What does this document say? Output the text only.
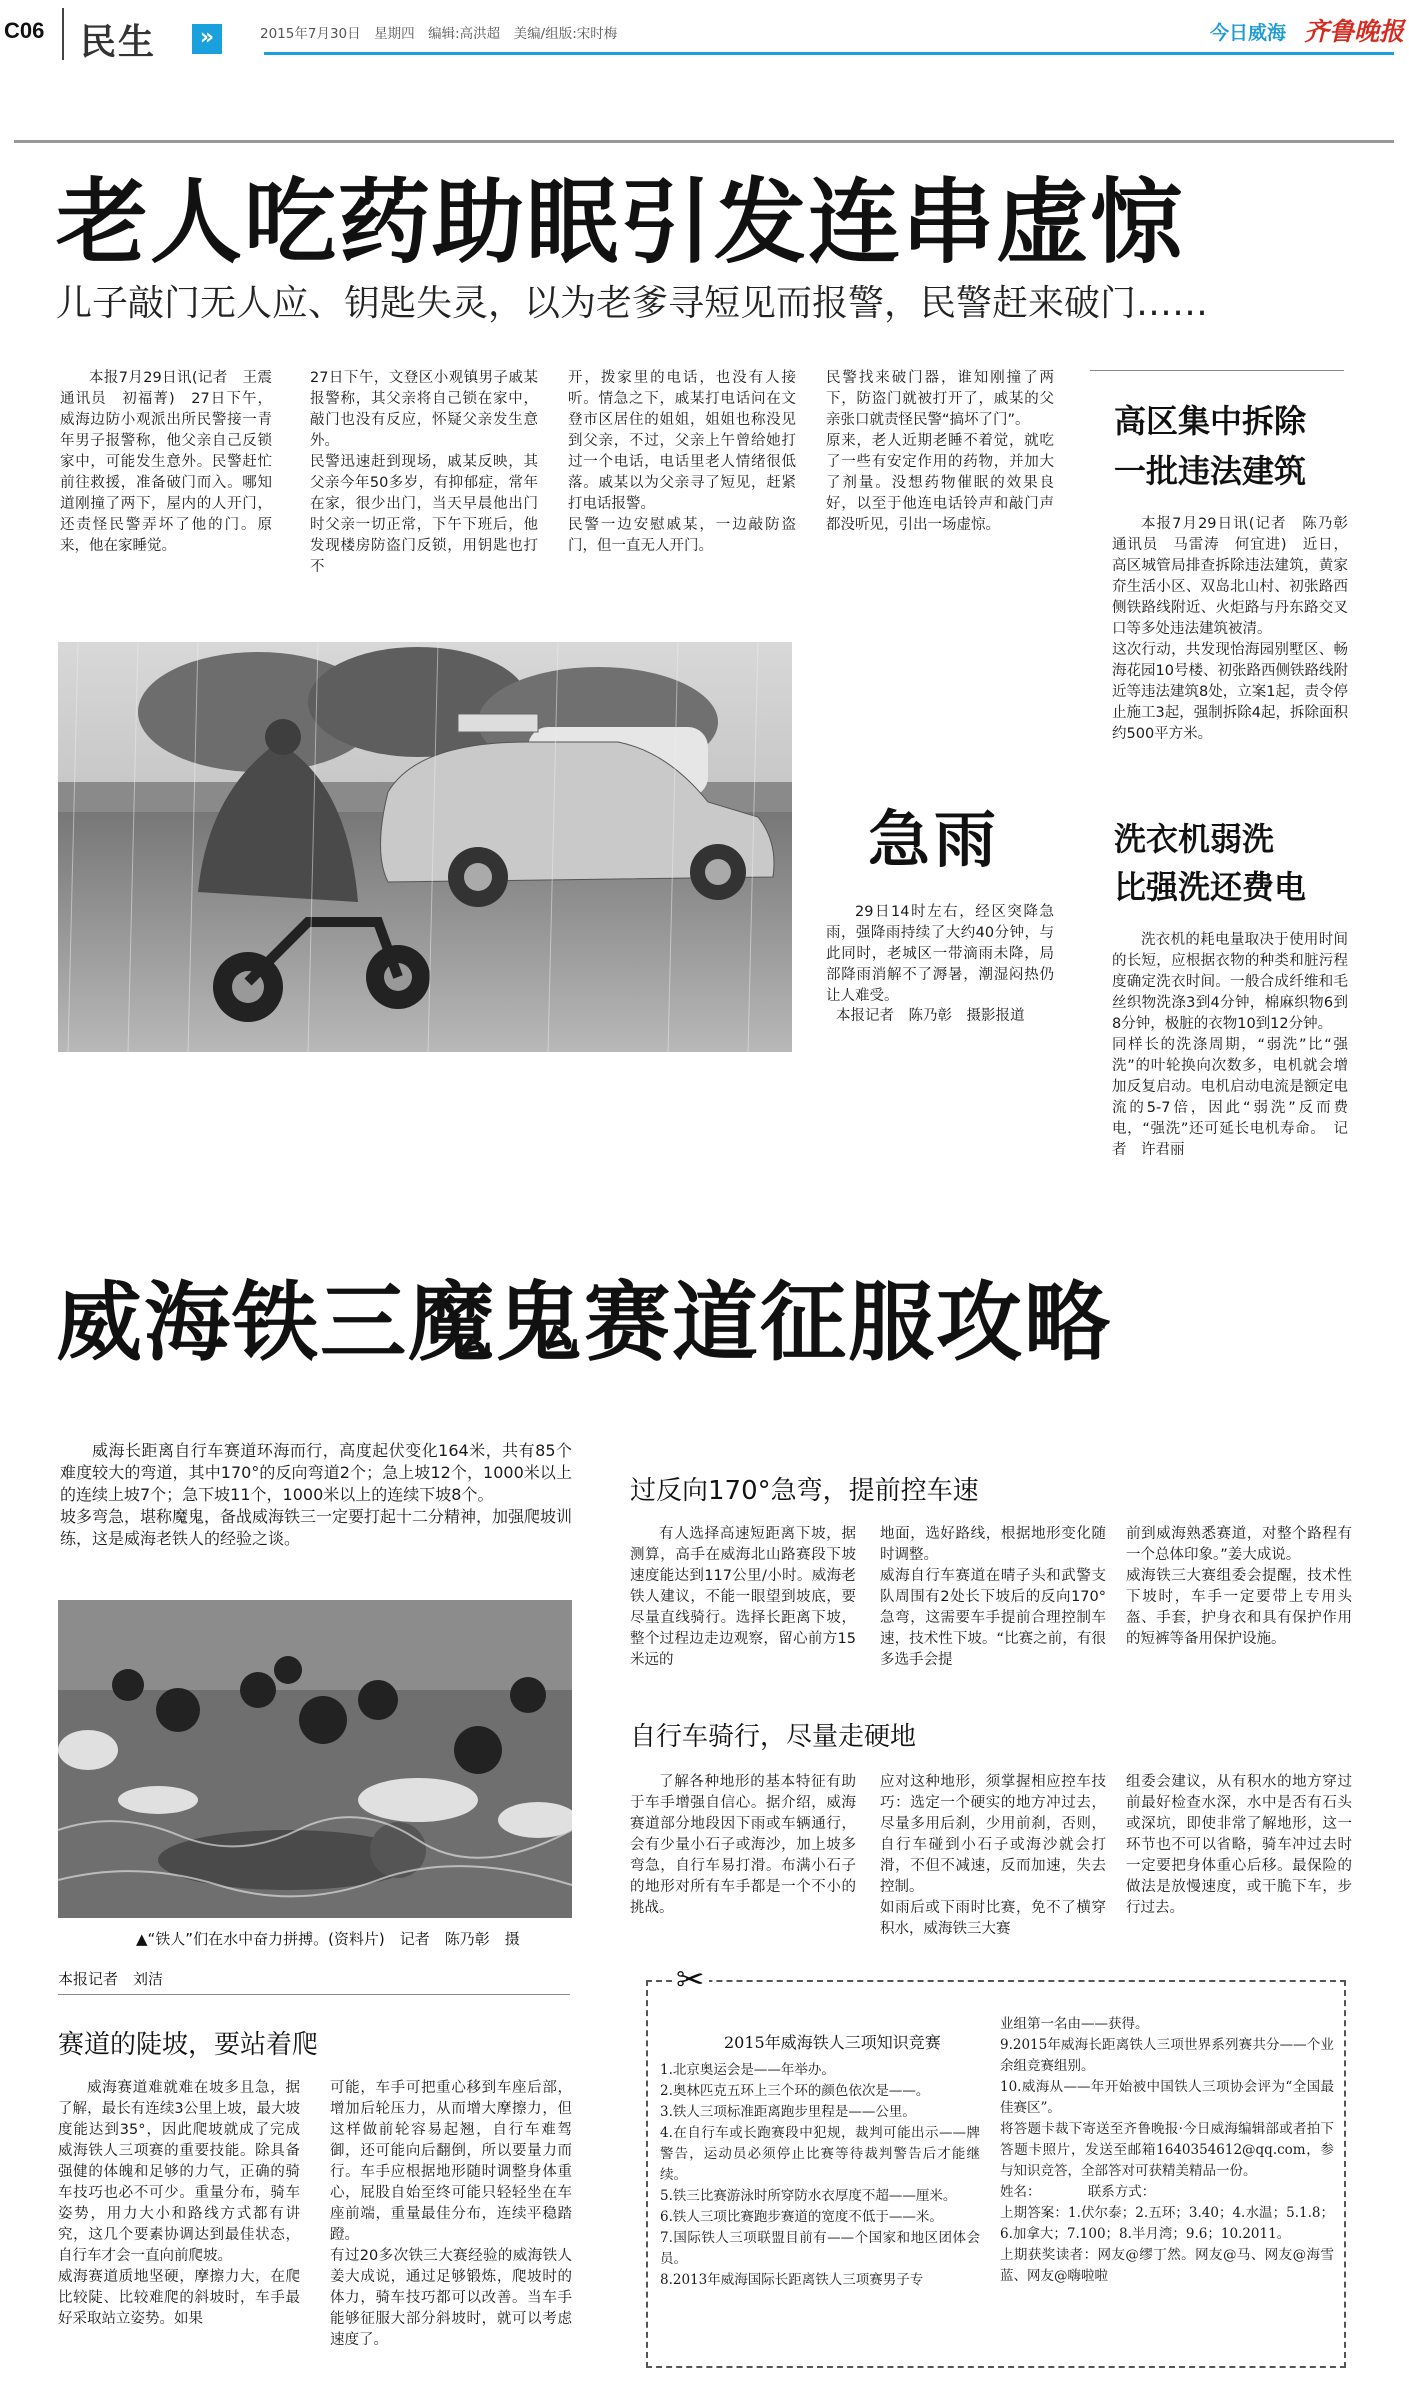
C06 民生	»	2015年7月30日　星期四　编辑:高洪超　美编/组版:宋时梅	今日威海 齐鲁晚报
老人吃药助眠引发连串虚惊
儿子敲门无人应、钥匙失灵，以为老爹寻短见而报警，民警赶来破门……
本报7月29日讯(记者　王震　通讯员　初福菁)　27日下午，威海边防小观派出所民警接一青年男子报警称，他父亲自己反锁家中，可能发生意外。民警赶忙前往救援，准备破门而入。哪知道刚撞了两下，屋内的人开门，还责怪民警弄坏了他的门。原来，他在家睡觉。
27日下午，文登区小观镇男子戚某报警称，其父亲将自己锁在家中，敲门也没有反应，怀疑父亲发生意外。
民警迅速赶到现场，戚某反映，其父亲今年50多岁，有抑郁症，常年在家，很少出门，当天早晨他出门时父亲一切正常，下午下班后，他发现楼房防盗门反锁，用钥匙也打不
开，拨家里的电话，也没有人接听。情急之下，戚某打电话问在文登市区居住的姐姐，姐姐也称没见到父亲，不过，父亲上午曾给她打过一个电话，电话里老人情绪很低落。戚某以为父亲寻了短见，赶紧打电话报警。
民警一边安慰戚某，一边敲防盗门，但一直无人开门。
民警找来破门器，谁知刚撞了两下，防盗门就被打开了，戚某的父亲张口就责怪民警“搞坏了门”。
原来，老人近期老睡不着觉，就吃了一些有安定作用的药物，并加大了剂量。没想药物催眠的效果良好，以至于他连电话铃声和敲门声都没听见，引出一场虚惊。
急雨
29日14时左右，经区突降急雨，强降雨持续了大约40分钟，与此同时，老城区一带滴雨未降，局部降雨消解不了溽暑，潮湿闷热仍让人难受。
本报记者　陈乃彰　摄影报道
高区集中拆除
一批违法建筑
本报7月29日讯(记者　陈乃彰　通讯员　马雷涛　何宜进)　近日，高区城管局排查拆除违法建筑，黄家夼生活小区、双岛北山村、初张路西侧铁路线附近、火炬路与丹东路交叉口等多处违法建筑被清。
这次行动，共发现怡海园别墅区、畅海花园10号楼、初张路西侧铁路线附近等违法建筑8处，立案1起，责令停止施工3起，强制拆除4起，拆除面积约500平方米。
洗衣机弱洗
比强洗还费电
洗衣机的耗电量取决于使用时间的长短，应根据衣物的种类和脏污程度确定洗衣时间。一般合成纤维和毛丝织物洗涤3到4分钟，棉麻织物6到8分钟，极脏的衣物10到12分钟。
同样长的洗涤周期，“弱洗”比“强洗”的叶轮换向次数多，电机就会增加反复启动。电机启动电流是额定电流的5-7倍，因此“弱洗”反而费电，“强洗”还可延长电机寿命。　记者　许君丽
威海铁三魔鬼赛道征服攻略
威海长距离自行车赛道环海而行，高度起伏变化164米，共有85个难度较大的弯道，其中170°的反向弯道2个；急上坡12个，1000米以上的连续上坡7个；急下坡11个，1000米以上的连续下坡8个。
坡多弯急，堪称魔鬼，备战威海铁三一定要打起十二分精神，加强爬坡训练，这是威海老铁人的经验之谈。
▲“铁人”们在水中奋力拼搏。(资料片)　记者　陈乃彰　摄
本报记者　刘洁
赛道的陡坡，要站着爬
威海赛道难就难在坡多且急，据了解，最长有连续3公里上坡，最大坡度能达到35°，因此爬坡就成了完成威海铁人三项赛的重要技能。除具备强健的体魄和足够的力气，正确的骑车技巧也必不可少。重量分布，骑车姿势，用力大小和路线方式都有讲究，这几个要素协调达到最佳状态，自行车才会一直向前爬坡。
威海赛道质地坚硬，摩擦力大，在爬比较陡、比较难爬的斜坡时，车手最好采取站立姿势。如果
可能，车手可把重心移到车座后部，增加后轮压力，从而增大摩擦力，但这样做前轮容易起翘，自行车难驾御，还可能向后翻倒，所以要量力而行。车手应根据地形随时调整身体重心，屁股自始至终可能只轻轻坐在车座前端，重量最佳分布，连续平稳踏蹬。
有过20多次铁三大赛经验的威海铁人姜大成说，通过足够锻炼，爬坡时的体力，骑车技巧都可以改善。当车手能够征服大部分斜坡时，就可以考虑速度了。
过反向170°急弯，提前控车速
有人选择高速短距离下坡，据测算，高手在威海北山路赛段下坡速度能达到117公里/小时。威海老铁人建议，不能一眼望到坡底，要尽量直线骑行。选择长距离下坡，整个过程边走边观察，留心前方15米远的
地面，选好路线，根据地形变化随时调整。
威海自行车赛道在晴子头和武警支队周围有2处长下坡后的反向170°急弯，这需要车手提前合理控制车速，技术性下坡。“比赛之前，有很多选手会提
前到威海熟悉赛道，对整个路程有一个总体印象。”姜大成说。
威海铁三大赛组委会提醒，技术性下坡时，车手一定要带上专用头盔、手套，护身衣和具有保护作用的短裤等备用保护设施。
自行车骑行，尽量走硬地
了解各种地形的基本特征有助于车手增强自信心。据介绍，威海赛道部分地段因下雨或车辆通行，会有少量小石子或海沙，加上坡多弯急，自行车易打滑。布满小石子的地形对所有车手都是一个不小的挑战。
应对这种地形，须掌握相应控车技巧：选定一个硬实的地方冲过去，尽量多用后刹，少用前刹，否则，自行车碰到小石子或海沙就会打滑，不但不减速，反而加速，失去控制。
如雨后或下雨时比赛，免不了横穿积水，威海铁三大赛
组委会建议，从有积水的地方穿过前最好检查水深，水中是否有石头或深坑，即使非常了解地形，这一环节也不可以省略，骑车冲过去时一定要把身体重心后移。最保险的做法是放慢速度，或干脆下车，步行过去。
✂
2015年威海铁人三项知识竞赛
1.北京奥运会是——年举办。
2.奥林匹克五环上三个环的颜色依次是——。
3.铁人三项标准距离跑步里程是——公里。
4.在自行车或长跑赛段中犯规，裁判可能出示——牌警告，运动员必须停止比赛等待裁判警告后才能继续。
5.铁三比赛游泳时所穿防水衣厚度不超——厘米。
6.铁人三项比赛跑步赛道的宽度不低于——米。
7.国际铁人三项联盟目前有——个国家和地区团体会员。
8.2013年威海国际长距离铁人三项赛男子专
业组第一名由——获得。
9.2015年威海长距离铁人三项世界系列赛共分——个业余组竞赛组别。
10.威海从——年开始被中国铁人三项协会评为“全国最佳赛区”。
将答题卡裁下寄送至齐鲁晚报·今日威海编辑部或者拍下答题卡照片，发送至邮箱1640354612@qq.com，参与知识竞答，全部答对可获精美精品一份。
姓名：　　　　联系方式：　　　　
上期答案：1.伏尔泰；2.五环；3.40；4.水温；5.1.8；6.加拿大；7.100；8.半月湾；9.6；10.2011。
上期获奖读者：网友@缪丁然。网友@马、网友@海雪蓝、网友@嗨啦啦
